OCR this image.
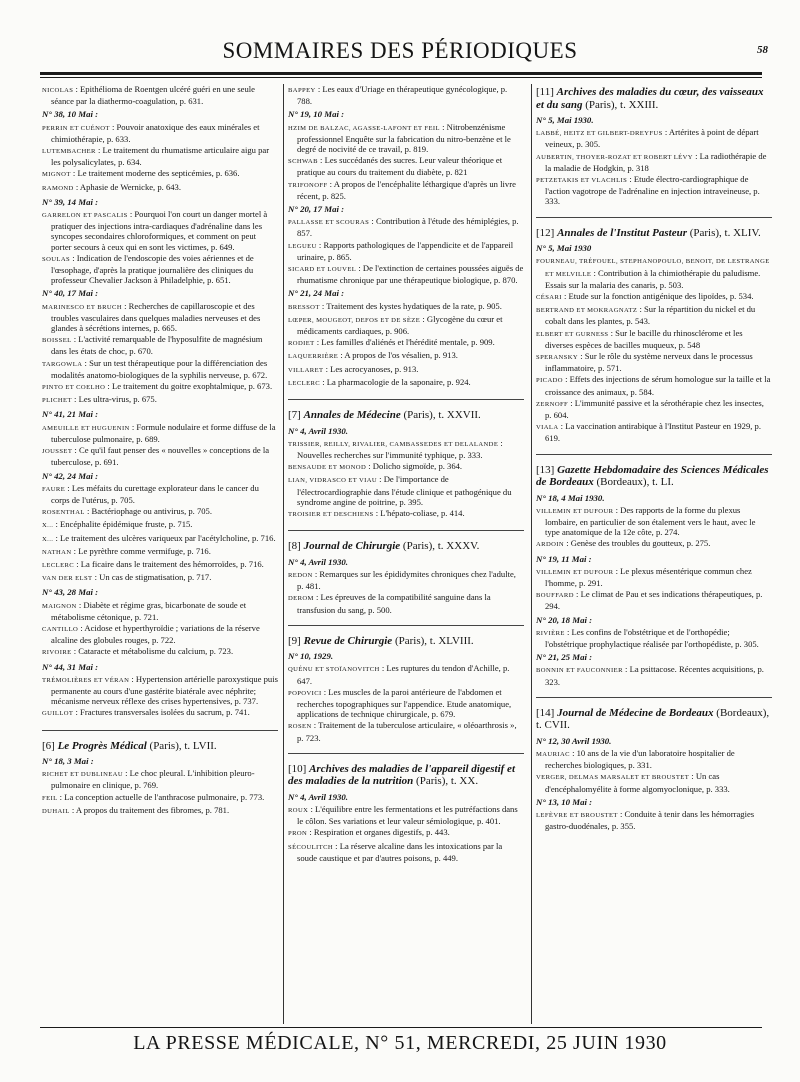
SOMMAIRES DES PÉRIODIQUES	58
NICOLAS : Epithélioma de Roentgen ulcéré guéri en une seule séance par la diathermo-coagulation, p. 631.
N° 38, 10 Mai :
PERRIN ET CUÉNOT : Pouvoir anatoxique des eaux minérales et chimiothérapie, p. 633.
LUTEMBACHER : Le traitement du rhumatisme articulaire aigu par les polysalicylates, p. 634.
MIGNOT : Le traitement moderne des septicémies, p. 636.
RAMOND : Aphasie de Wernicke, p. 643.
N° 39, 14 Mai :
GARRELON ET PASCALIS : Pourquoi l'on court un danger mortel à pratiquer des injections intra-cardiaques d'adrénaline dans les syncopes secondaires chloroformiques, et comment on peut porter secours à ceux qui en sont les victimes, p. 649.
SOULAS : Indication de l'endoscopie des voies aériennes et de l'œsophage, d'après la pratique journalière des cliniques du professeur Chevalier Jackson à Philadelphie, p. 651.
N° 40, 17 Mai :
MARINESCO ET BRUCH : Recherches de capillaroscopie et des troubles vasculaires dans quelques maladies nerveuses et des glandes à sécrétions internes, p. 665.
BOISSEL : L'activité remarquable de l'hyposulfite de magnésium dans les états de choc, p. 670.
TARGOWLA : Sur un test thérapeutique pour la différenciation des modalités anatomo-biologiques de la syphilis nerveuse, p. 672.
PINTO ET COELHO : Le traitement du goitre exophtalmique, p. 673.
PLICHET : Les ultra-virus, p. 675.
N° 41, 21 Mai :
AMEUILLE ET HUGUENIN : Formule nodulaire et forme diffuse de la tuberculose pulmonaire, p. 689.
JOUSSET : Ce qu'il faut penser des « nouvelles » conceptions de la tuberculose, p. 691.
N° 42, 24 Mai :
FAURE : Les méfaits du curettage explorateur dans le cancer du corps de l'utérus, p. 705.
ROSENTHAL : Bactériophage ou antivirus, p. 705.
X... : Encéphalite épidémique fruste, p. 715.
X... : Le traitement des ulcères variqueux par l'acétylcholine, p. 716.
NATHAN : Le pyrèthre comme vermifuge, p. 716.
LECLERC : La ficaire dans le traitement des hémorroïdes, p. 716.
VAN DER ELST : Un cas de stigmatisation, p. 717.
N° 43, 28 Mai :
MAIGNON : Diabète et régime gras, bicarbonate de soude et métabolisme cétonique, p. 721.
CANTILLO : Acidose et hyperthyroïdie ; variations de la réserve alcaline des globules rouges, p. 722.
RIVOIRE : Cataracte et métabolisme du calcium, p. 723.
N° 44, 31 Mai :
TRÉMOLIÈRES ET VÉRAN : Hypertension artérielle paroxystique puis permanente au cours d'une gastérite biatérale avec néphrite; mécanisme nerveux réflexe des crises hypertensives, p. 737.
GUILLOT : Fractures transversales isolées du sacrum, p. 741.
[6] Le Progrès Médical (Paris), t. LVII.
N° 18, 3 Mai :
RICHET ET DUBLINEAU : Le choc pleural. L'inhibition pleuro-pulmonaire en clinique, p. 769.
FEIL : La conception actuelle de l'anthracose pulmonaire, p. 773.
DUHAIL : A propos du traitement des fibromes, p. 781.
BAPPEY : Les eaux d'Uriage en thérapeutique gynécologique, p. 788.
N° 19, 10 Mai :
HZIM DE BALZAC, AGASSE-LAFONT ET FEIL : Nitrobenzénisme professionnel Enquête sur la fabrication du nitro-benzène et le degré de nocivité de ce travail, p. 819.
SCHWAB : Les succédanés des sucres. Leur valeur théorique et pratique au cours du traitement du diabète, p. 821
TRIFONOFF : A propos de l'encéphalite léthargique d'après un livre récent, p. 825.
N° 20, 17 Mai :
PALLASSE ET SCOURAS : Contribution à l'étude des hémiplégies, p. 857.
LEGUEU : Rapports pathologiques de l'appendicite et de l'appareil urinaire, p. 865.
SICARD ET LOUVEL : De l'extinction de certaines poussées aiguës de rhumatisme chronique par une thérapeutique biologique, p. 870.
N° 21, 24 Mai :
BRESSOT : Traitement des kystes hydatiques de la rate, p. 905.
LŒPER, MOUGEOT, DEFOS ET DE SÈZE : Glycogène du cœur et médicaments cardiaques, p. 906.
RODIET : Les familles d'aliénés et l'hérédité mentale, p. 909.
LAQUERRIÈRE : A propos de l'os vésalien, p. 913.
VILLARET : Les acrocyanoses, p. 913.
LECLERC : La pharmacologie de la saponaire, p. 924.
[7] Annales de Médecine (Paris), t. XXVII.
N° 4, Avril 1930.
TRISSIER, REILLY, RIVALIER, CAMBASSEDES ET DELALANDE : Nouvelles recherches sur l'immunité typhique, p. 333.
BENSAUDE ET MONOD : Dolicho sigmoïde, p. 364.
LIAN, VIDRASCO ET VIAU : De l'importance de l'électrocardiographie dans l'étude clinique et pathogénique du syndrome angine de poitrine, p. 395.
TROISIER ET DESCHIENS : L'hépato-coliase, p. 414.
[8] Journal de Chirurgie (Paris), t. XXXV.
N° 4, Avril 1930.
REDON : Remarques sur les épididymites chroniques chez l'adulte, p. 481.
DEROM : Les épreuves de la compatibilité sanguine dans la transfusion du sang, p. 500.
[9] Revue de Chirurgie (Paris), t. XLVIII.
N° 10, 1929.
QUÉNU ET STOÏANOVITCH : Les ruptures du tendon d'Achille, p. 647.
POPOVICI : Les muscles de la paroi antérieure de l'abdomen et recherches topographiques sur l'appendice. Etude anatomique, applications de technique chirurgicale, p. 679.
ROSEN : Traitement de la tuberculose articulaire, « oléoarthrosis », p. 723.
[10] Archives des maladies de l'appareil digestif et des maladies de la nutrition (Paris), t. XX.
N° 4, Avril 1930.
ROUX : L'équilibre entre les fermentations et les putréfactions dans le côlon. Ses variations et leur valeur sémiologique, p. 401.
PRON : Respiration et organes digestifs, p. 443.
SÉCOULITCH : La réserve alcaline dans les intoxications par la soude caustique et par d'autres poisons, p. 449.
[11] Archives des maladies du cœur, des vaisseaux et du sang (Paris), t. XXIII.
N° 5, Mai 1930.
LABBÉ, HEITZ ET GILBERT-DREYFUS : Artérites à point de départ veineux, p. 305.
AUBERTIN, THOYER-ROZAT ET ROBERT LÉVY : La radiothérapie de la maladie de Hodgkin, p. 318
PETZETAKIS ET VLACHLIS : Etude électro-cardiographique de l'action vagotrope de l'adrénaline en injection intraveineuse, p. 333.
[12] Annales de l'Institut Pasteur (Paris), t. XLIV.
N° 5, Mai 1930
FOURNEAU, TRÉFOUEL, STEPHANOPOULO, BENOIT, DE LESTRANGE ET MELVILLE : Contribution à la chimiothérapie du paludisme. Essais sur la malaria des canaris, p. 503.
CÉSARI : Etude sur la fonction antigénique des lipoïdes, p. 534.
BERTRAND ET MOKRAGNATZ : Sur la répartition du nickel et du cobalt dans les plantes, p. 543.
ELBERT ET GURNESS : Sur le bacille du rhinosclérome et les diverses espèces de bacilles muqueux, p. 548
SPERANSKY : Sur le rôle du système nerveux dans le processus inflammatoire, p. 571.
PICADO : Effets des injections de sérum homologue sur la taille et la croissance des animaux, p. 584.
ZERNOFF : L'immunité passive et la sérothérapie chez les insectes, p. 604.
VIALA : La vaccination antirabique à l'Institut Pasteur en 1929, p. 619.
[13] Gazette Hebdomadaire des Sciences Médicales de Bordeaux (Bordeaux), t. LI.
N° 18, 4 Mai 1930.
VILLEMIN ET DUFOUR : Des rapports de la forme du plexus lombaire, en particulier de son étalement vers le haut, avec le type anatomique de la 12e côte, p. 274.
ARDOIN : Genèse des troubles du goutteux, p. 275.
N° 19, 11 Mai :
VILLEMIN ET DUFOUR : Le plexus mésentérique commun chez l'homme, p. 291.
BOUFFARD : Le climat de Pau et ses indications thérapeutiques, p. 294.
N° 20, 18 Mai :
RIVIÈRE : Les confins de l'obstétrique et de l'orthopédie; l'obstétrique prophylactique réalisée par l'orthopédiste, p. 305.
N° 21, 25 Mai :
BONNIN ET FAUCONNIER : La psittacose. Récentes acquisitions, p. 323.
[14] Journal de Médecine de Bordeaux (Bordeaux), t. CVII.
N° 12, 30 Avril 1930.
MAURIAC : 10 ans de la vie d'un laboratoire hospitalier de recherches biologiques, p. 331.
VERGER, DELMAS MARSALET ET BROUSTET : Un cas d'encéphalomyélite à forme algomyoclonique, p. 333.
N° 13, 10 Mai :
LEFÈVRE ET BROUSTET : Conduite à tenir dans les hémorragies gastro-duodénales, p. 355.
LA PRESSE MÉDICALE, N° 51, MERCREDI, 25 JUIN 1930
